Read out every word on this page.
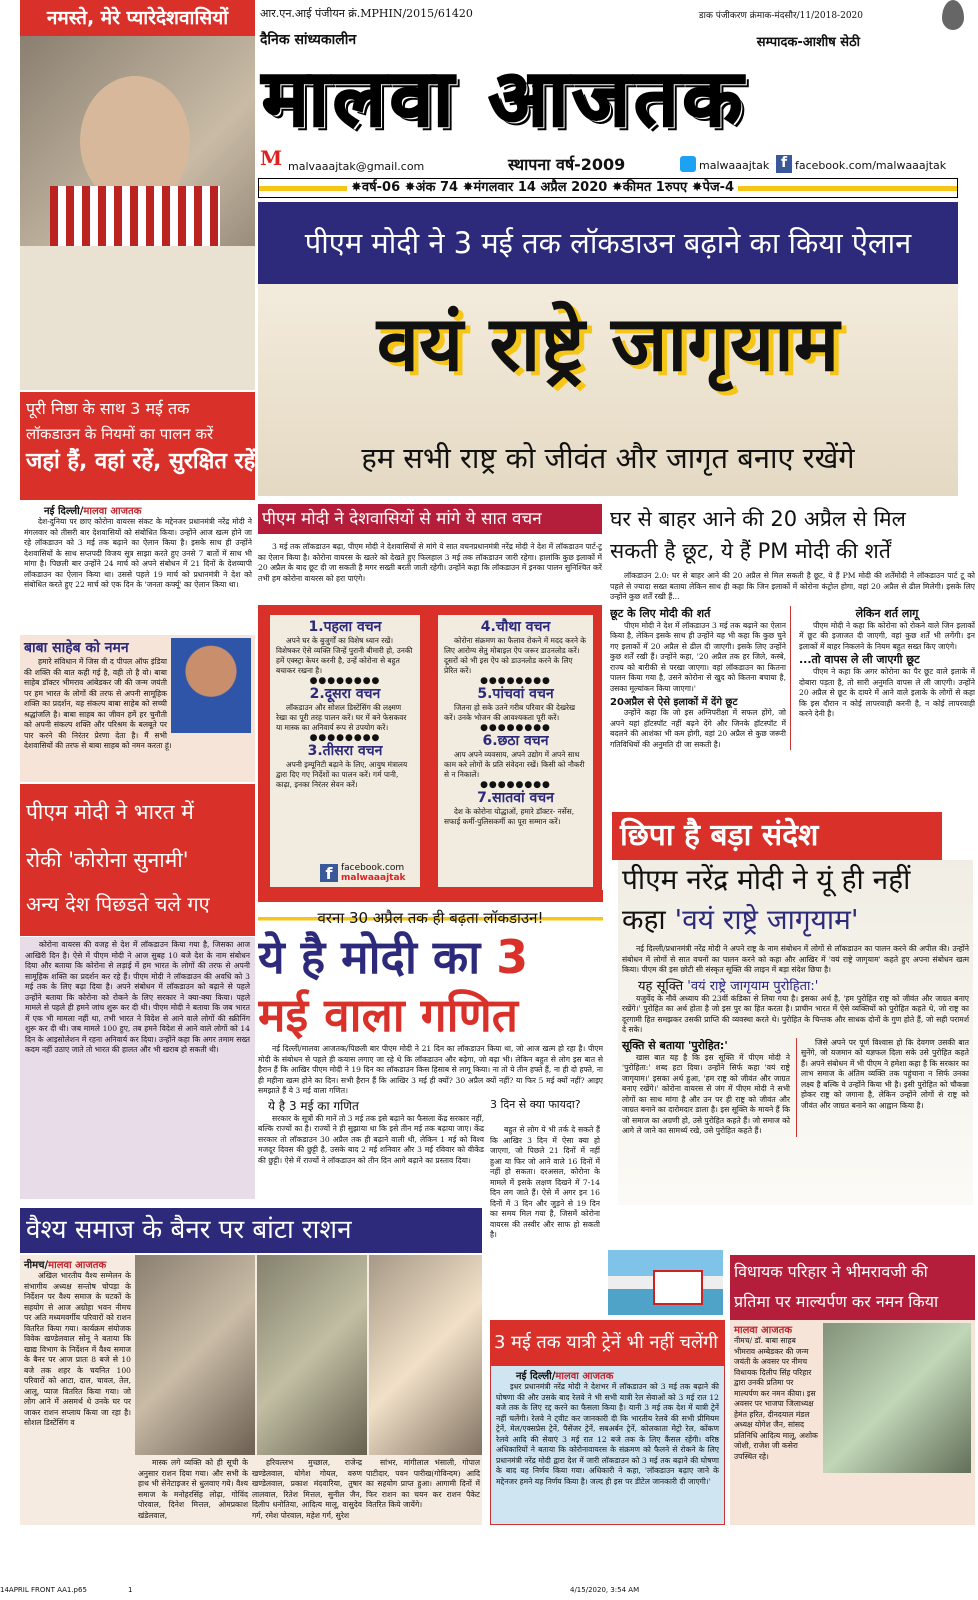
नमस्ते, मेरे प्यारेदेशवासियों
पूरी निष्ठा के साथ 3 मई तक
लॉकडाउन के नियमों का पालन करें
जहां हैं, वहां रहें, सुरक्षित रहें
नई दिल्ली/मालवा आजतक

देश-दुनिया पर छाए कोरोना वायरस संकट के मद्देनजर प्रधानमंत्री नरेंद्र मोदी ने मंगलवार को तीसरी बार देशवासियों को संबोधित किया। उन्होंने आज खत्म होने जा रहे लॉकडाउन को 3 मई तक बढ़ाने का ऐलान किया है। इसके साथ ही उन्होंने देशवासियों के साथ सप्तपदी विजय सूत्र साझा करते हुए उनसे 7 बातों में साथ भी मांगा है। पिछली बार उन्होंने 24 मार्च को अपने संबोधन में 21 दिनों के देशव्यापी लॉकडाउन का ऐलान किया था। उससे पहले 19 मार्च को प्रधानमंत्री ने देश को संबोधित करते हुए 22 मार्च को एक दिन के 'जनता कर्फ्यू' का ऐलान किया था।

बाबा साहेब को नमन

हमारे संविधान में जिस वी द पीपल ऑफ इंडिया की शक्ति की बात कही गई है, वही तो है वो। बाबा साहेब डॉक्टर भीमराव आंबेडकर जी की जन्म जयंती पर हम भारत के लोगों की तरफ से अपनी सामूहिक शक्ति का प्रदर्शन, यह संकल्प बाबा साहेब को सच्ची श्रद्धांजलि है। बाबा साहब का जीवन हमें हर चुनौती को अपनी संकल्प शक्ति और परिश्रम के बलबूते पर पार करने की निरंतर प्रेरणा देता है। मैं सभी देशवासियों की तरफ से बाबा साहब को नमन करता हूं।

पीएम मोदी ने भारत में
रोकी 'कोरोना सुनामी'
अन्य देश पिछडते चले गए

कोरोना वायरस की वजह से देश में लॉकडाउन किया गया है, जिसका आज आखिरी दिन है। ऐसे में पीएम मोदी ने आज सुबह 10 बजे देश के नाम संबोधन दिया और बताया कि कोरोना से लड़ाई में हम भारत के लोगों की तरफ से अपनी सामूहिक शक्ति का प्रदर्शन कर रहे हैं। पीएम मोदी ने लॉकडाउन की अवधि को 3 मई तक के लिए बढ़ा दिया है। अपने संबोधन में लॉकडाउन को बढ़ाने से पहले उन्होंने बताया कि कोरोना को रोकने के लिए सरकार ने क्या-क्या किया। पहले मामले से पहले ही हमने जांच शुरू कर दी थी। पीएम मोदी ने बताया कि जब भारत में एक भी मामला नहीं था, तभी भारत ने विदेश से आने वाले लोगों की स्क्रीनिंग शुरू कर दी थी। जब मामले 100 हुए, तब हमने विदेश से आने वाले लोगों को 14 दिन के आइसोलेशन में रहना अनिवार्य कर दिया। उन्होंने कहा कि अगर तमाम सख्त कदम नहीं उठाए जाते तो भारत की हालत और भी खराब हो सकती थी।

आर.एन.आई पंजीयन क्रं.MPHIN/2015/61420	डाक पंजीकरण क्रंमाक-मंदसौर/11/2018-2020
दैनिक सांध्यकालीन	सम्पादक-आशीष सेठी
मालवा आजतक
M malvaaajtak@gmail.com	स्थापना वर्ष-2009	malwaaajtak f facebook.com/malwaaajtak
✸वर्ष-06 ✸अंक 74 ✸मंगलवार 14 अप्रैल 2020 ✸कीमत 1रुपए ✸पेज-4
पीएम मोदी ने 3 मई तक लॉकडाउन बढ़ाने का किया ऐलान
वयं राष्ट्रे जागृयाम
हम सभी राष्ट्र को जीवंत और जागृत बनाए रखेंगे
पीएम मोदी ने देशवासियों से मांगे ये सात वचन

3 मई तक लॉकडाउन बढ़ा, पीएम मोदी ने देशवासियों से मांगे ये सात वचनप्रधानमंत्री नरेंद्र मोदी ने देश में लॉकडाउन पार्ट-टू का ऐलान किया है। कोरोना वायरस के खतरे को देखते हुए फिलहाल 3 मई तक लॉकडाउन जारी रहेगा। हालांकि कुछ इलाकों में 20 अप्रैल के बाद छूट दी जा सकती है मगर सख्ती बरती जाती रहेगी। उन्होंने कहा कि लॉकडाउन में इनका पालन सुनिश्चित करें तभी हम कोरोना वायरस को हरा पाएंगे।

1.पहला वचन

अपने घर के बुजुर्गों का विशेष ध्यान रखें। विशेषकर ऐसे व्यक्ति जिन्हें पुरानी बीमारी हो, उनकी हमें एक्स्ट्रा केयर करनी है, उन्हें कोरोना से बहुत बचाकर रखना है।

●●●●●●●●
2.दूसरा वचन

लॉकडाउन और सोशल डिस्टेंसिंग की लक्ष्मण रेखा का पूरी तरह पालन करें। घर में बने फेसकवर या मास्क का अनिवार्य रूप से उपयोग करें।

●●●●●●●●
3.तीसरा वचन

अपनी इम्यूनिटी बढ़ाने के लिए, आयुष मंत्रालय द्वारा दिए गए निर्देशों का पालन करें। गर्म पानी, काढ़ा, इनका निरंतर सेवन करें।

f facebook.com
malwaaajtak
4.चौथा वचन

कोरोना संक्रमण का फैलाव रोकने में मदद करने के लिए आरोग्य सेतु मोबाइल ऐप जरूर डाउनलोड करें। दूसरों को भी इस ऐप को डाउनलोड करने के लिए प्रेरित करें।

●●●●●●●●
5.पांचवां वचन

जितना हो सके उतने गरीब परिवार की देखरेख करें। उनके भोजन की आवश्यकता पूरी करें।

●●●●●●●●
6.छठा वचन

आप अपने व्यवसाय, अपने उद्योग में अपने साथ काम करे लोगों के प्रति संवेदना रखें। किसी को नौकरी से न निकालें।

●●●●●●●●
7.सातवां वचन

देश के कोरोना योद्धाओं, हमारे डॉक्टर- नर्सेस, सफाई कर्मी-पुलिसकर्मी का पूरा सम्मान करें।

घर से बाहर आने की 20 अप्रैल से मिल
सकती है छूट, ये हैं PM मोदी की शर्तें

लॉकडाउन 2.0: घर से बाहर आने की 20 अप्रैल से मिल सकती है छूट, ये हैं PM मोदी की शर्तेंमोदी ने लॉकडाउन पार्ट टू को पहले से ज्यादा सख्त बताया लेकिन साथ ही कहा कि जिन इलाकों में कोरोना कंट्रोल होगा, वहां 20 अप्रैल से ढील मिलेगी। इसके लिए उन्होंने कुछ शर्तें रखी हैं...

छूट के लिए मोदी की शर्त

पीएम मोदी ने देश में लॉकडाउन 3 मई तक बढ़ाने का ऐलान किया है, लेकिन इसके साथ ही उन्होंने यह भी कहा कि कुछ चुने गए इलाकों में 20 अप्रैल से ढील दी जाएगी। इसके लिए उन्होंने कुछ शर्तें रखी हैं। उन्होंने कहा, '20 अप्रैल तक हर जिले, कस्बे, राज्य को बारीकी से परखा जाएगा। वहां लॉकडाउन का कितना पालन किया गया है, उसने कोरोना से खुद को कितना बचाया है, उसका मूल्यांकन किया जाएगा।'

20अप्रैल से ऐसे इलाकों में देंगे छूट

उन्होंने कहा कि जो इस अग्निपरीक्षा में सफल होंगे, जो अपने यहां हॉटस्पॉट नहीं बढ़ने देंगे और जिनके हॉटस्पॉट में बदलने की आशंका भी कम होगी, वहां 20 अप्रैल से कुछ जरूरी गतिविधियों की अनुमति दी जा सकती है।

लेकिन शर्त लागू

पीएम मोदी ने कहा कि कोरोना को रोकने वाले जिन इलाकों में छूट की इजाजत दी जाएगी, वहां कुछ शर्तें भी लगेंगी। इन इलाकों में बाहर निकलने के नियम बहुत सख्त किए जाएंगे।

...तो वापस ले ली जाएगी छूट

पीएम ने कहा कि अगर कोरोना का पैर छूट वाले इलाके में दोबारा पड़ता है, तो सारी अनुमति वापस ले ली जाएगी। उन्होंने 20 अप्रैल से छूट के दायरे में आने वाले इलाके के लोगों से कहा कि इस दौरान न कोई लापरवाही करनी है, न कोई लापरवाही करने देनी है।

छिपा है बड़ा संदेश
पीएम नरेंद्र मोदी ने यूं ही नहीं
कहा 'वयं राष्ट्रे जागृयाम'

नई दिल्ली/प्रधानमंत्री नरेंद्र मोदी ने अपने राष्ट्र के नाम संबोधन में लोगों से लॉकडाउन का पालन करने की अपील की। उन्होंने संबोधन में लोगों से सात वचनों का पालन करने को कहा और आखिर में 'वयं राष्ट्रे जागृयाम' कहते हुए अपना संबोधन खत्म किया। पीएम की इस छोटी सी संस्कृत सूक्ति की लाइन में बड़ा संदेश छिपा है।

यह सूक्ति 'वयं राष्ट्रे जागृयाम पुरोहिता:'

यजुर्वेद के नौवें अध्याय की 23वीं कंडिका से लिया गया है। इसका अर्थ है, 'हम पुरोहित राष्ट्र को जीवंत और जाग्रत बनाए रखेंगे।' पुरोहित का अर्थ होता है जो इस पुर का हित करता है। प्राचीन भारत में ऐसे व्यक्तियों को पुरोहित कहते थे, जो राष्ट्र का दूरगामी हित समझकर उसकी प्राप्ति की व्यवस्था करते थे। पुरोहित के चिन्तक और साधक दोनों के गुण होते हैं, जो सही परामर्श दे सके।

सूक्ति से बताया 'पुरोहित:'

खास बात यह है कि इस सूक्ति में पीएम मोदी ने 'पुरोहिता:' शब्द हटा दिया। उन्होंने सिर्फ कहा 'वयं राष्ट्रे जागृयाम।' इसका अर्थ हुआ, 'हम राष्ट्र को जीवंत और जाग्रत बनाए रखेंगे।' कोरोना वायरस से जंग में पीएम मोदी ने सभी लोगों का साथ मांगा है और उन पर ही राष्ट्र को जीवंत और जाग्रत बनाने का दारोमदार डाला है। इस सूक्ति के मायने हैं कि जो समाज का अग्रणी हो, उसे पुरोहित कहते हैं। जो समाज को आगे ले जाने का सामर्थ्य रखे, उसे पुरोहित कहते हैं।

जिसे अपने पर पूर्ण विश्वास हो कि देवगण उसकी बात सुनेंगे, जो यजमान को यज्ञफल दिला सके उसे पुरोहित कहते हैं। अपने संबोधन में भी पीएम ने हमेशा कहा है कि सरकार का लाभ समाज के अंतिम व्यक्ति तक पहुंचाना न सिर्फ उनका लक्ष्य है बल्कि ये उन्होंने किया भी है। इसी पुरोहित को चौकन्ना होकर राष्ट्र को जगाना है, लेकिन उन्होंने लोगों से राष्ट्र को जीवंत और जाग्रत बनाने का आह्वान किया है।

वरना 30 अप्रैल तक ही बढ़ता लॉकडाउन!
ये है मोदी का 3
मई वाला गणित

नई दिल्ली/मालवा आजतक/पिछली बार पीएम मोदी ने 21 दिन का लॉकडाउन किया था, जो आज खत्म हो रहा है। पीएम मोदी के संबोधन से पहले ही कयास लगाए जा रहे थे कि लॉकडाउन और बढ़ेगा, जो बढ़ा भी। लेकिन बहुत से लोग इस बात से हैरान हैं कि आखिर पीएम मोदी ने 19 दिन का लॉकडाउन किस हिसाब से लागू किया। ना तो ये तीन हफ्ते हैं, ना ही दो हफ्ते, ना ही महीना खत्म होने का दिन। सभी हैरान हैं कि आखिर 3 मई ही क्यों? 30 अप्रैल क्यों नहीं? या फिर 5 मई क्यों नहीं? आइए समझाते हैं ये 3 मई वाला गणित।

ये है 3 मई का गणित

सरकार के सूत्रों की मानें तो 3 मई तक इसे बढ़ाने का फैसला केंद्र सरकार नहीं, बल्कि राज्यों का है। राज्यों ने ही सुझाया था कि इसे तीन मई तक बढ़ाया जाए। केंद्र सरकार तो लॉकडाउन 30 अप्रैल तक ही बढ़ाने वाली थी, लेकिन 1 मई को विश्व मजदूर दिवस की छुट्टी है, उसके बाद 2 मई शनिवार और 3 मई रविवार को वीकेंड की छुट्टी। ऐसे में राज्यों ने लॉकडाउन को तीन दिन आगे बढ़ाने का प्रस्ताव दिया।

3 दिन से क्या फायदा?

बहुत से लोग ये भी तर्क दे सकते हैं कि आखिर 3 दिन में ऐसा क्या हो जाएगा, जो पिछले 21 दिनों में नहीं हुआ या फिर जो आने वाले 16 दिनों में नहीं हो सकता। दरअसल, कोरोना के मामले में इसके लक्षण दिखने में 7-14 दिन लग जाते हैं। ऐसे में अगर इन 16 दिनों में 3 दिन और जुड़ने से 19 दिन का समय मिल गया है, जिसमें कोरोना वायरस की तस्वीर और साफ हो सकती है।

वैश्य समाज के बैनर पर बांटा राशन
नीमच/मालवा आजतक

अखिल भारतीय वैश्य सम्मेलन के संभागीय अध्यक्ष सन्तोष चोपड़ा के निर्देशन पर वैश्य समाज के घटकों के सहयोग से आज अग्रोहा भवन नीमच पर अति मध्यमवर्गीय परिवारों को राशन वितरित किया गया। कार्यक्रम संयोजक विवेक खण्डेलवाल सोनू ने बताया कि खाद्य विभाग के निर्देशन में वैश्य समाज के बैनर पर आज प्रातः 8 बजे से 10 बजे तक शहर के चयनित 100 परिवारों को आटा, दाल, चावल, तेल, आलू, प्याज वितरित किया गया। जो लोग आने में असमर्थ थे उनके घर पर जाकर राशन सप्लाय किया जा रहा है। सोशल डिस्टेंसिंग व

मास्क लगे व्यक्ति को ही सूची के अनुसार राशन दिया गया। और सभी के हाथ भी सेनेटाइजर से धुलवाए गये। वैश्य समाज के मनोहरसिंह लोढ़ा, गोविंद पोरवाल, दिनेश मित्तल, ओमप्रकाश खंडेलवाल,

हरिवल्लभ मुच्छाल, राजेन्द्र खण्डेलवाल, योगेश गोयल, वरुण खण्डेलवाल, प्रकाश मंदवारिया, तुषार लालवाल, रितेश मित्तल, सुनील जैन, दिलीप धनोतिया, आदित्य मालू, वासुदेव गर्ग, रमेश पोरवाल, महेश गर्ग, सुरेश

सांभर, मांगीलाल भंसाली, गोपाल पाटीदार, पवन पारीख(गोविन्दम) आदि का सहयोग प्राप्त हुआ। आगामी दिनों में फिर राशन का चयन कर राशन पैकेट वितरित किये जायेंगे।

विधायक परिहार ने भीमरावजी की
प्रतिमा पर माल्यर्पण कर नमन किया
मालवा आजतक

नीमच/ डॉ. बाबा साहब भीमराव अम्बेडकर की जन्म जयंती के अवसर पर नीमच विधायक दिलीप सिंह परिहार द्वारा उनकी प्रतिमा पर माल्यर्पण कर नमन कीया। इस अवसर पर भाजपा जिलाध्यक्ष हेमंत हरित, दीनदयाल मंडल अध्यक्ष योगेश जैन, सांसद प्रतिनिधि आदित्य मालू, अशोक जोशी, राजेश जी कसेरा उपस्थित रहे।

3 मई तक यात्री ट्रेनें भी नहीं चलेंगी
नई दिल्ली/मालवा आजतक

इधर प्रधानमंत्री नरेंद्र मोदी ने देशभर में लॉकडाउन को 3 मई तक बढ़ाने की घोषणा की और उसके बाद रेलवे ने भी सभी यात्री रेल सेवाओं को 3 मई रात 12 बजे तक के लिए रद्द करने का फैसला किया है। यानी 3 मई तक देश में यात्री ट्रेनें नहीं चलेंगी। रेलवे ने ट्वीट कर जानकारी दी कि भारतीय रेलवे की सभी प्रीमियम ट्रेनें, मेल/एक्सप्रेस ट्रेनें, पैसेंजर ट्रेनें, सबअर्बन ट्रेनें, कोलकाता मेट्रो रेल, कोंकण रेलवे आदि की सेवाएं 3 मई रात 12 बजे तक के लिए कैंसल रहेंगी। वरिष्ठ अधिकारियों ने बताया कि कोरोनावायरस के संक्रमण को फैलने से रोकने के लिए प्रधानमंत्री नरेंद्र मोदी द्वारा देश में जारी लॉकडाउन को 3 मई तक बढ़ाने की घोषणा के बाद यह निर्णय किया गया। अधिकारी ने कहा, 'लॉकडाउन बढ़ाए जाने के मद्देनजर हमने यह निर्णय किया है। जल्द ही इस पर डीटेल जानकारी दी जाएगी।'

14APRIL FRONT AA1.p65	1	4/15/2020, 3:54 AM
